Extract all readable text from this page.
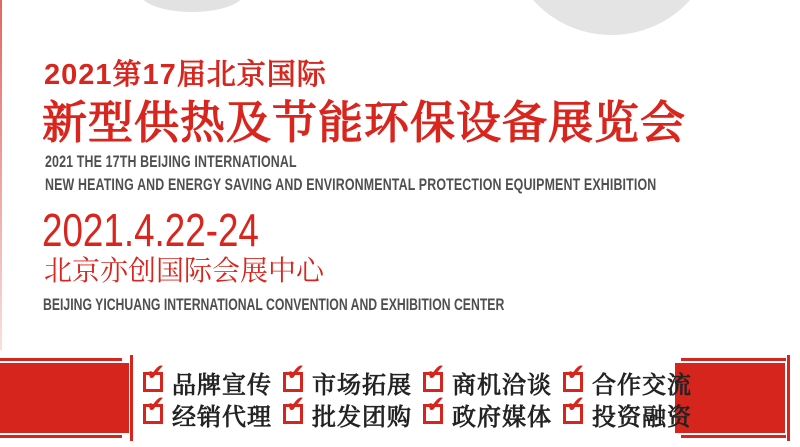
2021第17届北京国际
新型供热及节能环保设备展览会
2021 THE 17TH BEIJING INTERNATIONAL
NEW HEATING AND ENERGY SAVING AND ENVIRONMENTAL PROTECTION EQUIPMENT EXHIBITION
2021.4.22-24
北京亦创国际会展中心
BEIJING YICHUANG INTERNATIONAL CONVENTION AND EXHIBITION CENTER
✔ 品牌宣传 ✔ 市场拓展 ✔ 商机洽谈 ✔ 合作交流
✔ 经销代理 ✔ 批发团购 ✔ 政府媒体 ✔ 投资融资
